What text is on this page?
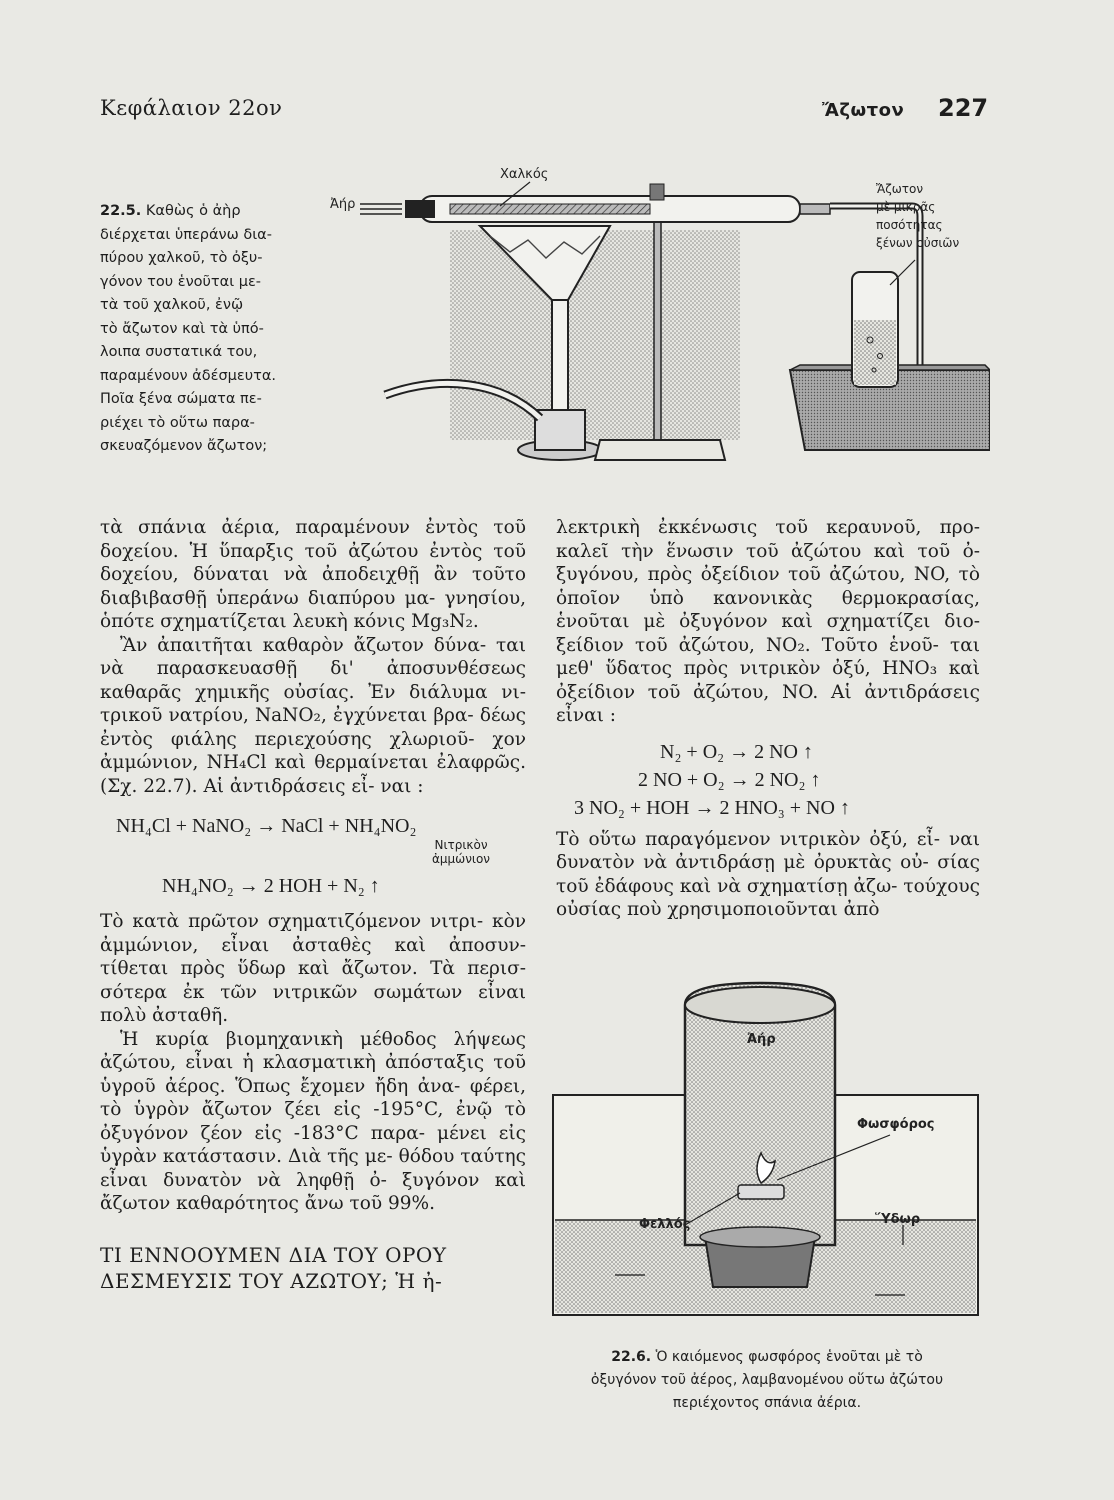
Κεφάλαιον 22ον	Ἄζωτον 227
Χαλκός
Ἀήρ
Ἄζωτον
μὲ μικρᾶς
ποσότητας
ξένων οὐσιῶν
22.5. Καθὼς ὁ ἀὴρ
διέρχεται ὑπεράνω δια-
πύρου χαλκοῦ, τὸ ὀξυ-
γόνον του ἑνοῦται με-
τὰ τοῦ χαλκοῦ, ἐνῷ
τὸ ἄζωτον καὶ τὰ ὑπό-
λοιπα συστατικά του,
παραμένουν ἀδέσμευτα.
Ποῖα ξένα σώματα πε-
ριέχει τὸ οὕτω παρα-
σκευαζόμενον ἄζωτον;

τὰ σπάνια ἀέρια, παραμένουν ἐντὸς τοῦ δοχείου. Ἡ ὕπαρξις τοῦ ἀζώτου ἐντὸς τοῦ δοχείου, δύναται νὰ ἀποδειχθῇ ἂν τοῦτο διαβιβασθῇ ὑπεράνω διαπύρου μα- γνησίου, ὁπότε σχηματίζεται λευκὴ κόνις Mg₃N₂.

Ἂν ἀπαιτῆται καθαρὸν ἄζωτον δύνα- ται νὰ παρασκευασθῇ δι' ἀποσυνθέσεως καθαρᾶς χημικῆς οὐσίας. Ἐν διάλυμα νι- τρικοῦ νατρίου, NaNO₂, ἐγχύνεται βρα- δέως ἐντὸς φιάλης περιεχούσης χλωριοῦ- χον ἀμμώνιον, NH₄Cl καὶ θερμαίνεται ἐλαφρῶς. (Σχ. 22.7). Αἱ ἀντιδράσεις εἶ- ναι :

NH₄Cl + NaNO₂ → NaCl + NH₄NO₂
Νιτρικὸν
ἀμμώνιον
NH₄NO₂ → 2 HOH + N₂ ↑

Τὸ κατὰ πρῶτον σχηματιζόμενον νιτρι- κὸν ἀμμώνιον, εἶναι ἀσταθὲς καὶ ἀποσυν- τίθεται πρὸς ὕδωρ καὶ ἄζωτον. Τὰ περισ- σότερα ἐκ τῶν νιτρικῶν σωμάτων εἶναι πολὺ ἀσταθῆ.

Ἡ κυρία βιομηχανικὴ μέθοδος λήψεως ἀζώτου, εἶναι ἡ κλασματικὴ ἀπόσταξις τοῦ ὑγροῦ ἀέρος. Ὅπως ἔχομεν ἤδη ἀνα- φέρει, τὸ ὑγρὸν ἄζωτον ζέει εἰς -195°C, ἐνῷ τὸ ὀξυγόνον ζέον εἰς -183°C παρα- μένει εἰς ὑγρὰν κατάστασιν. Διὰ τῆς με- θόδου ταύτης εἶναι δυνατὸν νὰ ληφθῇ ὀ- ξυγόνον καὶ ἄζωτον καθαρότητος ἄνω τοῦ 99%.

ΤΙ ΕΝΝΟΟΥΜΕΝ ΔΙΑ ΤΟΥ ΟΡΟΥ
ΔΕΣΜΕΥΣΙΣ ΤΟΥ ΑΖΩΤΟΥ; Ἡ ἠ-

λεκτρικὴ ἐκκένωσις τοῦ κεραυνοῦ, προ- καλεῖ τὴν ἕνωσιν τοῦ ἀζώτου καὶ τοῦ ὀ- ξυγόνου, πρὸς ὀξείδιον τοῦ ἀζώτου, NO, τὸ ὁποῖον ὑπὸ κανονικὰς θερμοκρασίας, ἑνοῦται μὲ ὀξυγόνον καὶ σχηματίζει διο- ξείδιον τοῦ ἀζώτου, NO₂. Τοῦτο ἑνοῦ- ται μεθ' ὕδατος πρὸς νιτρικὸν ὀξύ, HNO₃ καὶ ὀξείδιον τοῦ ἀζώτου, NO. Αἱ ἀντιδράσεις εἶναι :

N₂ + O₂ → 2 NO ↑
2 NO + O₂ → 2 NO₂ ↑
3 NO₂ + HOH → 2 HNO₃ + NO ↑

Τὸ οὕτω παραγόμενον νιτρικὸν ὀξύ, εἶ- ναι δυνατὸν νὰ ἀντιδράσῃ μὲ ὀρυκτὰς οὐ- σίας τοῦ ἐδάφους καὶ νὰ σχηματίσῃ ἀζω- τούχους οὐσίας ποὺ χρησιμοποιοῦνται ἀπὸ

Ἀήρ
Φωσφόρος
Φελλός	Ὕδωρ
22.6. Ὁ καιόμενος φωσφόρος ἑνοῦται μὲ τὸ
ὀξυγόνον τοῦ ἀέρος, λαμβανομένου οὕτω ἀζώτου
περιέχοντος σπάνια ἀέρια.
